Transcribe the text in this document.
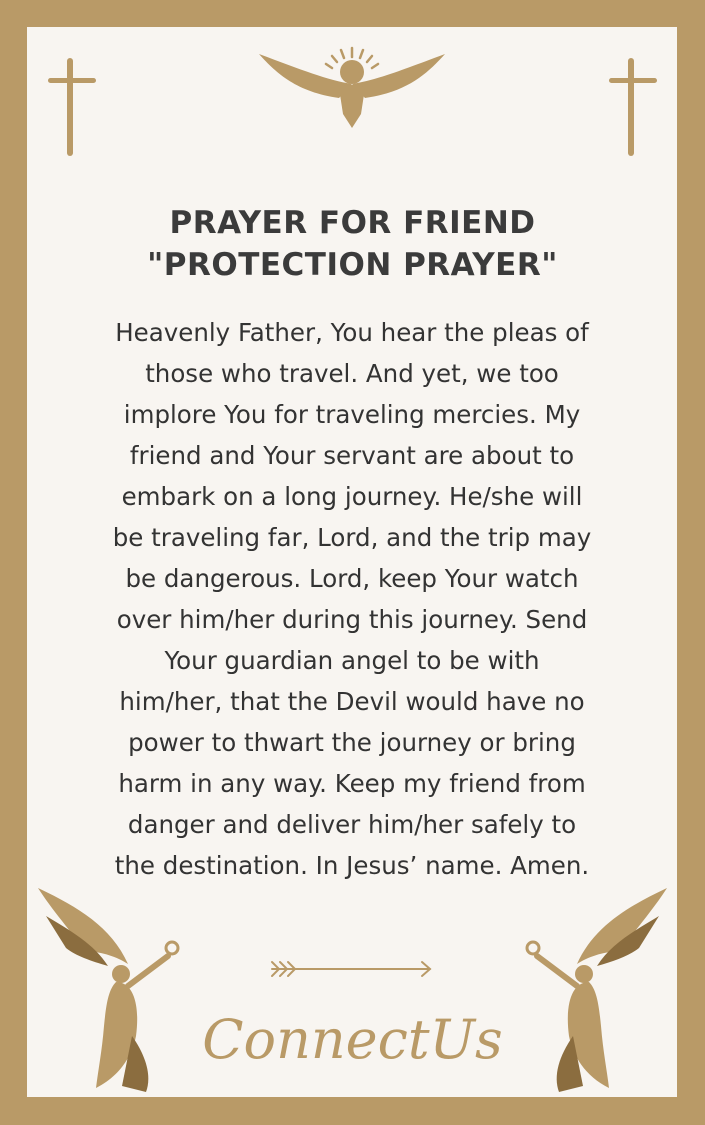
PRAYER FOR FRIEND
"PROTECTION PRAYER"
Heavenly Father, You hear the pleas of
those who travel. And yet, we too
implore You for traveling mercies. My
friend and Your servant are about to
embark on a long journey. He/she will
be traveling far, Lord, and the trip may
be dangerous. Lord, keep Your watch
over him/her during this journey. Send
Your guardian angel to be with
him/her, that the Devil would have no
power to thwart the journey or bring
harm in any way. Keep my friend from
danger and deliver him/her safely to
the destination. In Jesus’ name. Amen.
ConnectUs
